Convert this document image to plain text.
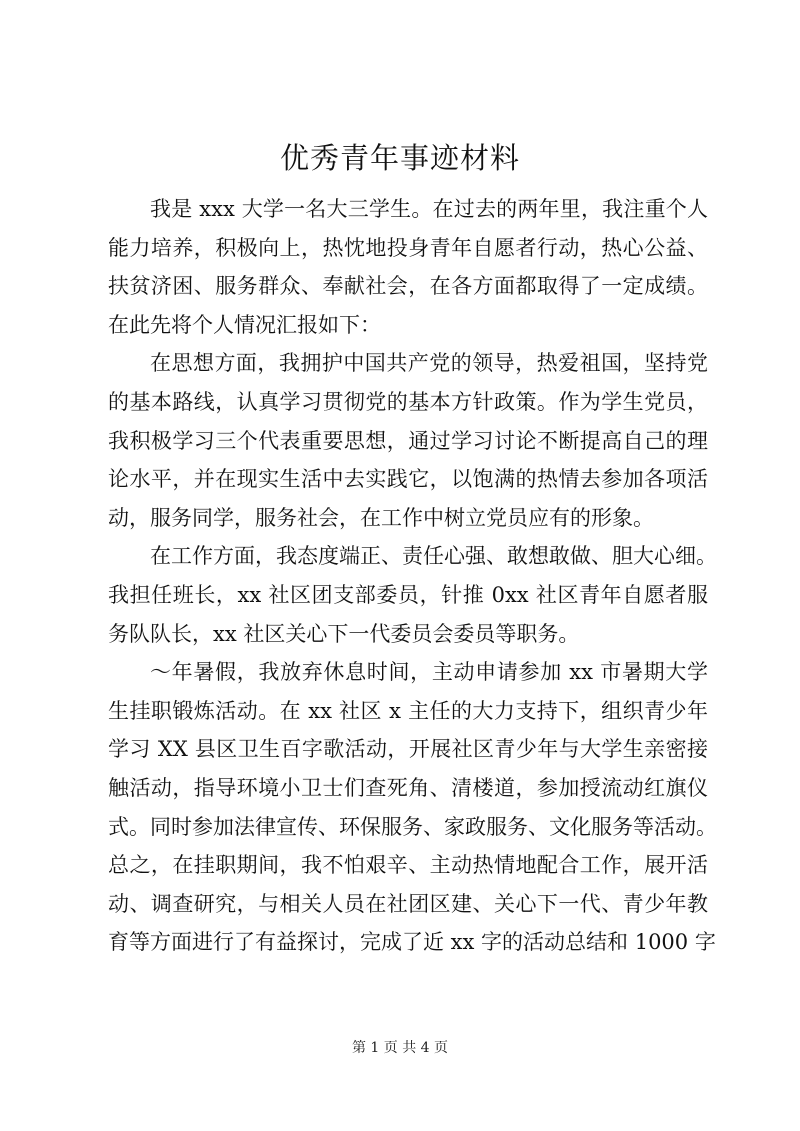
优秀青年事迹材料
我是 xxx 大学一名大三学生。在过去的两年里，我注重个人
能力培养，积极向上，热忱地投身青年自愿者行动，热心公益、
扶贫济困、服务群众、奉献社会，在各方面都取得了一定成绩。
在此先将个人情况汇报如下：
在思想方面，我拥护中国共产党的领导，热爱祖国，坚持党
的基本路线，认真学习贯彻党的基本方针政策。作为学生党员，
我积极学习三个代表重要思想，通过学习讨论不断提高自己的理
论水平，并在现实生活中去实践它，以饱满的热情去参加各项活
动，服务同学，服务社会，在工作中树立党员应有的形象。
在工作方面，我态度端正、责任心强、敢想敢做、胆大心细。
我担任班长，xx 社区团支部委员，针推 0xx 社区青年自愿者服
务队队长，xx 社区关心下一代委员会委员等职务。
～年暑假，我放弃休息时间，主动申请参加 xx 市暑期大学
生挂职锻炼活动。在 xx 社区 x 主任的大力支持下，组织青少年
学习 XX 县区卫生百字歌活动，开展社区青少年与大学生亲密接
触活动，指导环境小卫士们查死角、清楼道，参加授流动红旗仪
式。同时参加法律宣传、环保服务、家政服务、文化服务等活动。
总之，在挂职期间，我不怕艰辛、主动热情地配合工作，展开活
动、调查研究，与相关人员在社团区建、关心下一代、青少年教
育等方面进行了有益探讨，完成了近 xx 字的活动总结和 1000 字
第 1 页 共 4 页
